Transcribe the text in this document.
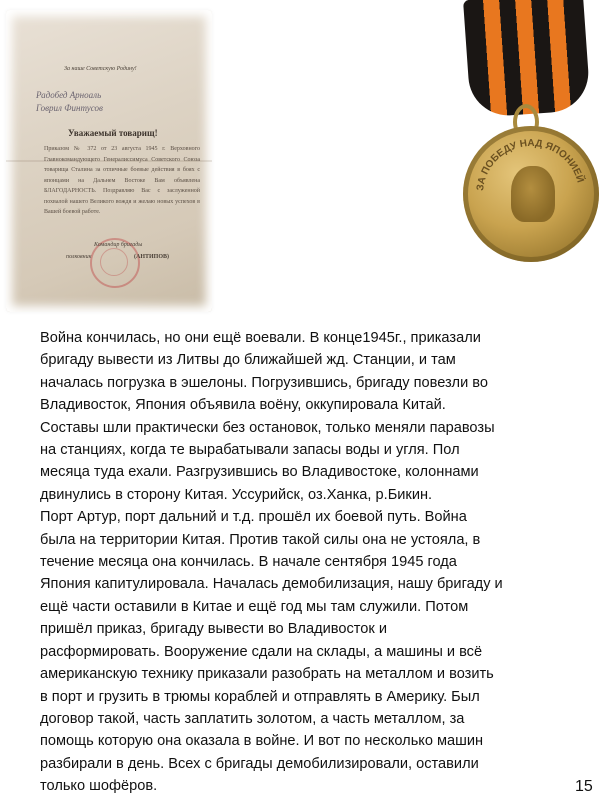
За наше Советскую Родину!
Радобед Арноаль
Говрил Финтусов
Уважаемый товарищ!
Приказом № 372 от 23 августа 1945 г. Верховного Главнокомандующего Генералиссимуса Советского Союза товарища Сталина за отличные боевые действия в боях с японцами на Дальнем Востоке Вам объявлена БЛАГОДАРНОСТЬ. Поздравляю Вас с заслуженной похвалой нашего Великого вождя и желаю новых успехов в Вашей боевой работе.
Командир бригады
полковник	(АНТИПОВ)
ЗА ПОБЕДУ НАД ЯПОНИЕЙ

Война кончилась, но они ещё воевали. В конце1945г., приказали

бригаду вывести из Литвы до ближайшей жд. Станции, и там

началась погрузка в эшелоны. Погрузившись, бригаду повезли во

Владивосток, Япония объявила воёну, оккупировала Китай.

Составы шли практически без остановок, только меняли паравозы

на станциях, когда те вырабатывали запасы воды и угля. Пол

месяца туда ехали. Разгрузившись во Владивостоке, колоннами

двинулись в сторону Китая. Уссурийск, оз.Ханка, р.Бикин.

Порт Артур, порт дальний и т.д. прошёл их боевой путь. Война

была на территории Китая. Против такой силы она не устояла, в

течение месяца она кончилась. В начале сентября 1945 года

Япония капитулировала. Началась демобилизация, нашу бригаду и

ещё части оставили в Китае и ещё год мы там служили. Потом

пришёл приказ, бригаду вывести во Владивосток и

расформировать. Вооружение сдали на склады, а машины и всё

американскую технику приказали разобрать на металлом и возить

в порт и грузить в трюмы кораблей и отправлять в Америку. Был

договор такой, часть заплатить золотом, а часть металлом, за

помощь которую она оказала в войне. И вот по несколько машин

разбирали в день. Всех с бригады демобилизировали, оставили

только шофёров.	15
